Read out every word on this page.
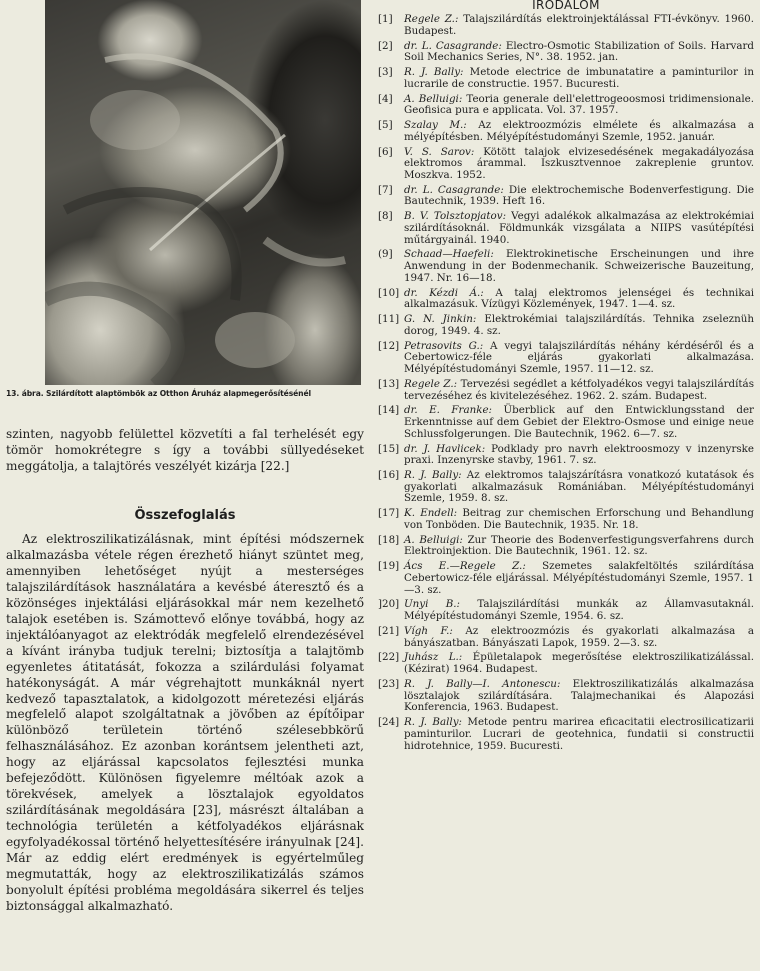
13. ábra. Szilárdított alaptömbök az Otthon Áruház alapmegerősítésénél
szinten, nagyobb felülettel közvetíti a fal terhelését egy tömör homokrétegre s így a további süllyedéseket meggátolja, a talajtörés veszélyét kizárja [22.]
Összefoglalás
Az elektroszilikatizálásnak, mint építési módszernek alkalmazásba vétele régen érezhető hiányt szüntet meg, amennyiben lehetőséget nyújt a mesterséges talajszilárdítások használatára a kevésbé áteresztő és a közönséges injektálási eljárásokkal már nem kezelhető talajok esetében is. Számottevő előnye továbbá, hogy az injektálóanyagot az elektródák megfelelő elrendezésével a kívánt irányba tudjuk terelni; biztosítja a talajtömb egyenletes átitatását, fokozza a szilárdulási folyamat hatékonyságát. A már végrehajtott munkáknál nyert kedvező tapasztalatok, a kidolgozott méretezési eljárás megfelelő alapot szolgáltatnak a jövőben az építőipar különböző területein történő szélesebbkörű felhasználásához. Ez azonban korántsem jelentheti azt, hogy az eljárással kapcsolatos fejlesztési munka befejeződött. Különösen figyelemre méltóak azok a törekvések, amelyek a lösztalajok egyoldatos szilárdításának megoldására [23], másrészt általában a technológia területén a kétfolyadékos eljárásnak egyfolyadékossal történő helyettesítésére irányulnak [24]. Már az eddig elért eredmények is egyértelműleg megmutatták, hogy az elektroszilikatizálás számos bonyolult építési probléma megoldására sikerrel és teljes biztonsággal alkalmazható.
IRODALOM
[1]	Regele Z.: Talajszilárdítás elektroinjektálással FTI-évkönyv. 1960. Budapest.
[2]	dr. L. Casagrande: Electro-Osmotic Stabilization of Soils. Harvard Soil Mechanics Series, N°. 38. 1952. jan.
[3]	R. J. Bally: Metode electrice de imbunatatire a paminturilor in lucrarile de constructie. 1957. Bucuresti.
[4]	A. Belluigi: Teoria generale dell'elettrogeoosmosi tridimensionale. Geofisica pura e applicata. Vol. 37. 1957.
[5]	Szalay M.: Az elektroozmózis elmélete és alkalmazása a mélyépítésben. Mélyépítéstudományi Szemle, 1952. január.
[6]	V. S. Sarov: Kötött talajok elvizesedésének megakadályozása elektromos árammal. Iszkusztvennoe zakreplenie gruntov. Moszkva. 1952.
[7]	dr. L. Casagrande: Die elektrochemische Bodenverfestigung. Die Bautechnik, 1939. Heft 16.
[8]	B. V. Tolsztopjatov: Vegyi adalékok alkalmazása az elektrokémiai szilárdításoknál. Földmunkák vizsgálata a NIIPS vasútépítési műtárgyainál. 1940.
(9]	Schaad—Haefeli: Elektrokinetische Erscheinungen und ihre Anwendung in der Bodenmechanik. Schweizerische Bauzeitung, 1947. Nr. 16—18.
[10] dr. Kézdi Á.: A talaj elektromos jelenségei és technikai alkalmazásuk. Vízügyi Közlemények, 1947. 1—4. sz.
[11] G. N. Jinkin: Elektrokémiai talajszilárdítás. Tehnika zseleznüh dorog, 1949. 4. sz.
[12] Petrasovits G.: A vegyi talajszilárdítás néhány kérdéséről és a Cebertowicz-féle eljárás gyakorlati alkalmazása. Mélyépítéstudományi Szemle, 1957. 11—12. sz.
[13] Regele Z.: Tervezési segédlet a kétfolyadékos vegyi talajszilárdítás tervezéséhez és kivitelezéséhez. 1962. 2. szám. Budapest.
[14] dr. E. Franke: Überblick auf den Entwicklungsstand der Erkenntnisse auf dem Gebiet der Elektro-Osmose und einige neue Schlussfolgerungen. Die Bautechnik, 1962. 6—7. sz.
[15] dr. J. Havlicek: Podklady pro navrh elektroosmozy v inzenyrske praxi. Inzenyrske stavby, 1961. 7. sz.
[16] R. J. Bally: Az elektromos talajszárításra vonatkozó kutatások és gyakorlati alkalmazásuk Romániában. Mélyépítéstudományi Szemle, 1959. 8. sz.
[17] K. Endell: Beitrag zur chemischen Erforschung und Behandlung von Tonböden. Die Bautechnik, 1935. Nr. 18.
[18] A. Belluigi: Zur Theorie des Bodenverfestigungsverfahrens durch Elektroinjektion. Die Bautechnik, 1961. 12. sz.
[19] Ács E.—Regele Z.: Szemetes salakfeltöltés szilárdítása Cebertowicz-féle eljárással. Mélyépítéstudományi Szemle, 1957. 1—3. sz.
]20] Unyi B.: Talajszilárdítási munkák az Államvasutaknál. Mélyépítéstudományi Szemle, 1954. 6. sz.
[21] Vígh F.: Az elektroozmózis és gyakorlati alkalmazása a bányászatban. Bányászati Lapok, 1959. 2—3. sz.
[22] Juhász L.: Épületalapok megerősítése elektroszilikatizálással. (Kézirat) 1964. Budapest.
[23] R. J. Bally—I. Antonescu: Elektroszilikatizálás alkalmazása lösztalajok szilárdítására. Talajmechanikai és Alapozási Konferencia, 1963. Budapest.
[24] R. J. Bally: Metode pentru marirea eficacitatii electrosilicatizarii paminturilor. Lucrari de geotehnica, fundatii si constructii hidrotehnice, 1959. Bucuresti.
